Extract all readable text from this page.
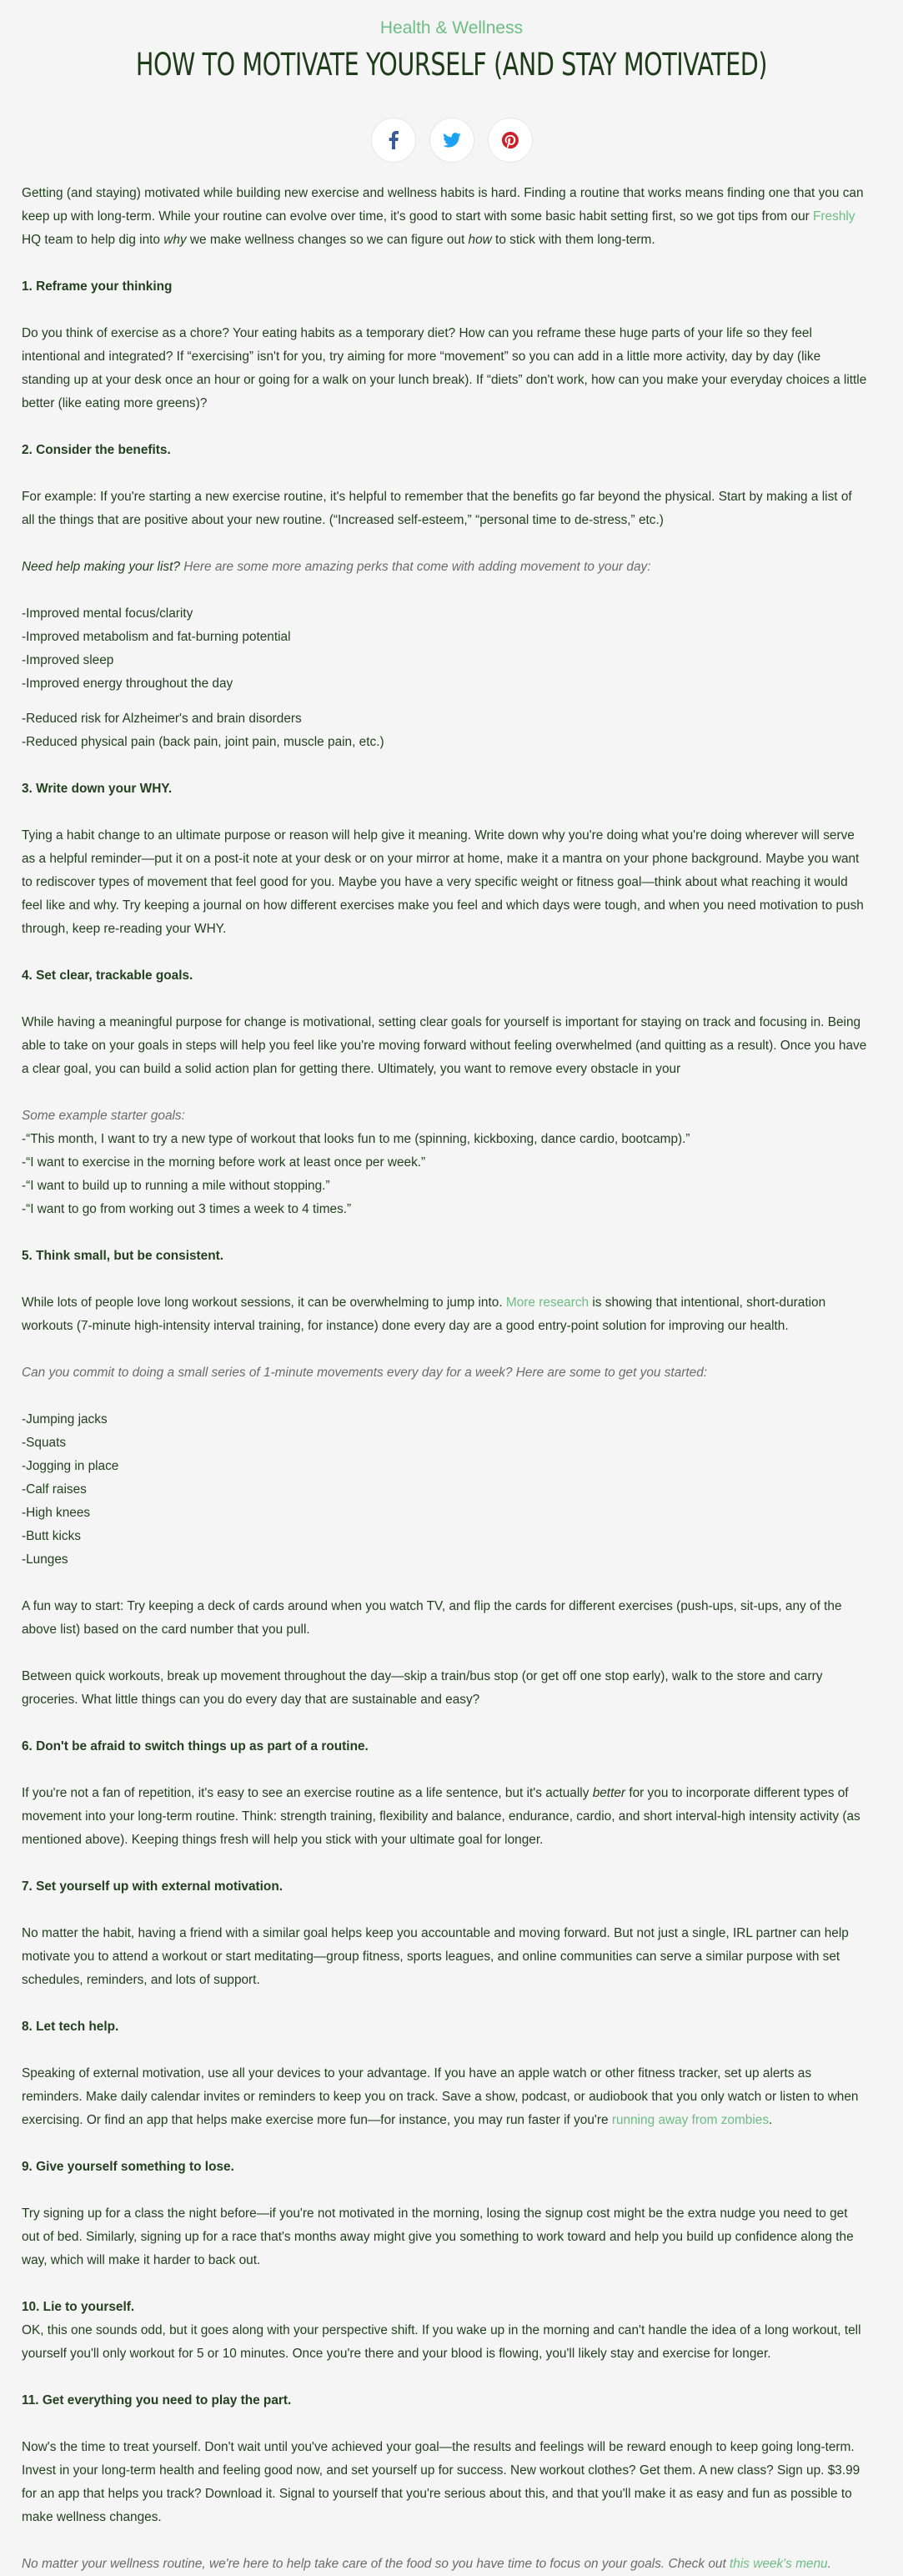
Health & Wellness
HOW TO MOTIVATE YOURSELF (AND STAY MOTIVATED)

Getting (and staying) motivated while building new exercise and wellness habits is hard. Finding a routine that works means finding one that you can keep up with long-term. While your routine can evolve over time, it's good to start with some basic habit setting first, so we got tips from our Freshly HQ team to help dig into why we make wellness changes so we can figure out how to stick with them long-term.

1. Reframe your thinking

Do you think of exercise as a chore? Your eating habits as a temporary diet? How can you reframe these huge parts of your life so they feel intentional and integrated? If “exercising” isn't for you, try aiming for more “movement” so you can add in a little more activity, day by day (like standing up at your desk once an hour or going for a walk on your lunch break). If “diets” don't work, how can you make your everyday choices a little better (like eating more greens)?

2. Consider the benefits.

For example: If you're starting a new exercise routine, it's helpful to remember that the benefits go far beyond the physical. Start by making a list of all the things that are positive about your new routine. (“Increased self-esteem,” “personal time to de-stress,” etc.)

Need help making your list? Here are some more amazing perks that come with adding movement to your day:

-Improved mental focus/clarity

-Improved metabolism and fat-burning potential

-Improved sleep

-Improved energy throughout the day

-Reduced risk for Alzheimer's and brain disorders

-Reduced physical pain (back pain, joint pain, muscle pain, etc.)

3. Write down your WHY.

Tying a habit change to an ultimate purpose or reason will help give it meaning. Write down why you're doing what you're doing wherever will serve as a helpful reminder—put it on a post-it note at your desk or on your mirror at home, make it a mantra on your phone background. Maybe you want to rediscover types of movement that feel good for you. Maybe you have a very specific weight or fitness goal—think about what reaching it would feel like and why. Try keeping a journal on how different exercises make you feel and which days were tough, and when you need motivation to push through, keep re-reading your WHY.

4. Set clear, trackable goals.

While having a meaningful purpose for change is motivational, setting clear goals for yourself is important for staying on track and focusing in. Being able to take on your goals in steps will help you feel like you're moving forward without feeling overwhelmed (and quitting as a result). Once you have a clear goal, you can build a solid action plan for getting there. Ultimately, you want to remove every obstacle in your

Some example starter goals:

-“This month, I want to try a new type of workout that looks fun to me (spinning, kickboxing, dance cardio, bootcamp).”

-“I want to exercise in the morning before work at least once per week.”

-“I want to build up to running a mile without stopping.”

-“I want to go from working out 3 times a week to 4 times.”

5. Think small, but be consistent.

While lots of people love long workout sessions, it can be overwhelming to jump into. More research is showing that intentional, short-duration workouts (7-minute high-intensity interval training, for instance) done every day are a good entry-point solution for improving our health.

Can you commit to doing a small series of 1-minute movements every day for a week? Here are some to get you started:

-Jumping jacks

-Squats

-Jogging in place

-Calf raises

-High knees

-Butt kicks

-Lunges

A fun way to start: Try keeping a deck of cards around when you watch TV, and flip the cards for different exercises (push-ups, sit-ups, any of the above list) based on the card number that you pull.

Between quick workouts, break up movement throughout the day—skip a train/bus stop (or get off one stop early), walk to the store and carry groceries. What little things can you do every day that are sustainable and easy?

6. Don't be afraid to switch things up as part of a routine.

If you're not a fan of repetition, it's easy to see an exercise routine as a life sentence, but it's actually better for you to incorporate different types of movement into your long-term routine. Think: strength training, flexibility and balance, endurance, cardio, and short interval-high intensity activity (as mentioned above). Keeping things fresh will help you stick with your ultimate goal for longer.

7. Set yourself up with external motivation.

No matter the habit, having a friend with a similar goal helps keep you accountable and moving forward. But not just a single, IRL partner can help motivate you to attend a workout or start meditating—group fitness, sports leagues, and online communities can serve a similar purpose with set schedules, reminders, and lots of support.

8. Let tech help.

Speaking of external motivation, use all your devices to your advantage. If you have an apple watch or other fitness tracker, set up alerts as reminders. Make daily calendar invites or reminders to keep you on track. Save a show, podcast, or audiobook that you only watch or listen to when exercising. Or find an app that helps make exercise more fun—for instance, you may run faster if you're running away from zombies.

9. Give yourself something to lose.

Try signing up for a class the night before—if you're not motivated in the morning, losing the signup cost might be the extra nudge you need to get out of bed. Similarly, signing up for a race that's months away might give you something to work toward and help you build up confidence along the way, which will make it harder to back out.

10. Lie to yourself.

OK, this one sounds odd, but it goes along with your perspective shift. If you wake up in the morning and can't handle the idea of a long workout, tell yourself you'll only workout for 5 or 10 minutes. Once you're there and your blood is flowing, you'll likely stay and exercise for longer.

11. Get everything you need to play the part.

Now's the time to treat yourself. Don't wait until you've achieved your goal—the results and feelings will be reward enough to keep going long-term. Invest in your long-term health and feeling good now, and set yourself up for success. New workout clothes? Get them. A new class? Sign up. $3.99 for an app that helps you track? Download it. Signal to yourself that you're serious about this, and that you'll make it as easy and fun as possible to make wellness changes.

No matter your wellness routine, we're here to help take care of the food so you have time to focus on your goals. Check out this week's menu.
